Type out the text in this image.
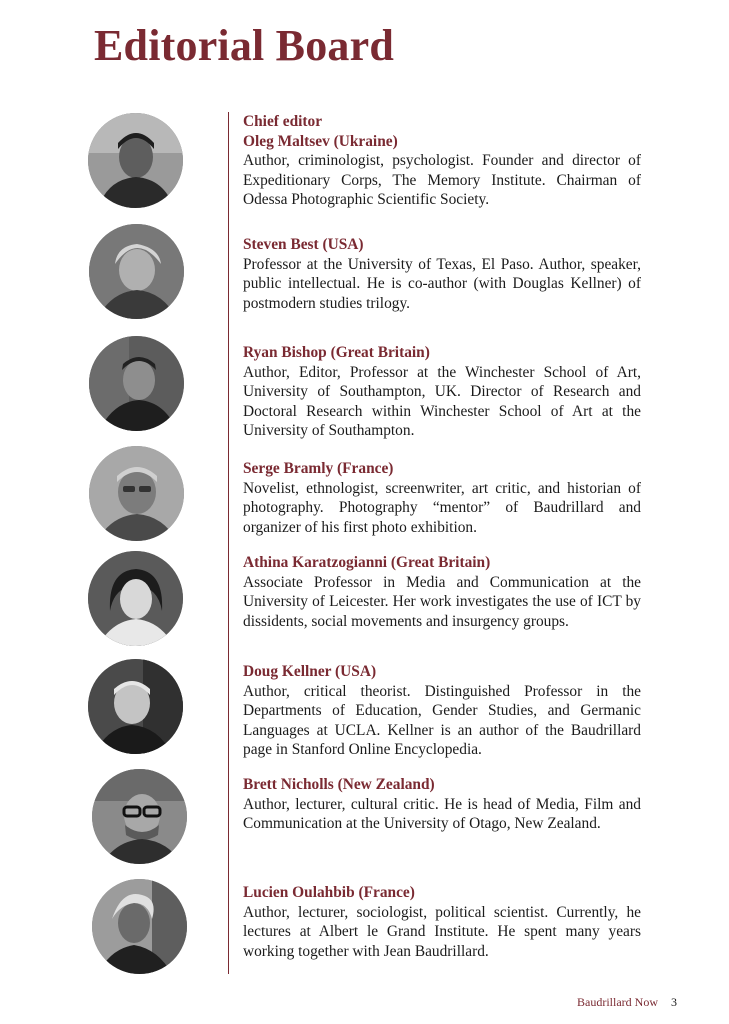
Editorial Board
Chief editor
Oleg Maltsev (Ukraine)
Author, criminologist, psychologist. Founder and director of Expeditionary Corps, The Memory Institute. Chairman of Odessa Photographic Scientific Society.
Steven Best (USA)
Professor at the University of Texas, El Paso. Author, speaker, public intellectual. He is co-author (with Douglas Kellner) of postmodern studies trilogy.
Ryan Bishop (Great Britain)
Author, Editor, Professor at the Winchester School of Art, University of Southampton, UK. Director of Research and Doctoral Research within Winchester School of Art at the University of Southampton.
Serge Bramly (France)
Novelist, ethnologist, screenwriter, art critic, and historian of photography. Photography “mentor” of Baudrillard and organizer of his first photo exhibition.
Athina Karatzogianni (Great Britain)
Associate Professor in Media and Communication at the University of Leicester. Her work investigates the use of ICT by dissidents, social movements and insurgency groups.
Doug Kellner (USA)
Author, critical theorist. Distinguished Professor in the Departments of Education, Gender Studies, and Germanic Languages at UCLA. Kellner is an author of the Baudrillard page in Stanford Online Encyclopedia.
Brett Nicholls (New Zealand)
Author, lecturer, cultural critic. He is head of Media, Film and Communication at the University of Otago, New Zealand.
Lucien Oulahbib (France)
Author, lecturer, sociologist, political scientist. Currently, he lectures at Albert le Grand Institute. He spent many years working together with Jean Baudrillard.
Baudrillard Now 3
